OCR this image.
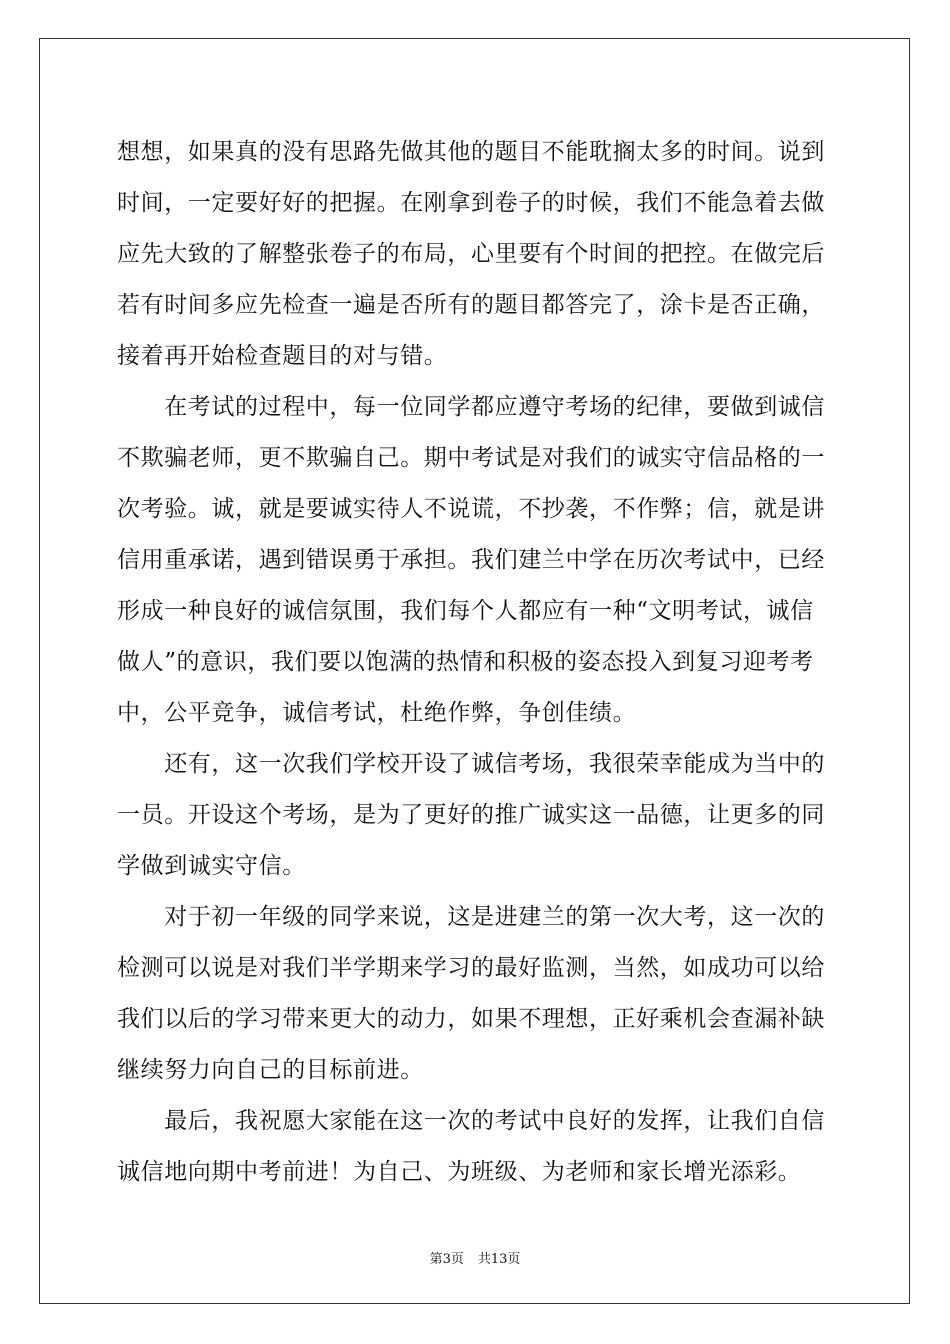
想想，如果真的没有思路先做其他的题目不能耽搁太多的时间。说到
时间，一定要好好的把握。在刚拿到卷子的时候，我们不能急着去做
应先大致的了解整张卷子的布局，心里要有个时间的把控。在做完后
若有时间多应先检查一遍是否所有的题目都答完了，涂卡是否正确，
接着再开始检查题目的对与错。
　　在考试的过程中，每一位同学都应遵守考场的纪律，要做到诚信
不欺骗老师，更不欺骗自己。期中考试是对我们的诚实守信品格的一
次考验。诚，就是要诚实待人不说谎，不抄袭，不作弊；信，就是讲
信用重承诺，遇到错误勇于承担。我们建兰中学在历次考试中，已经
形成一种良好的诚信氛围，我们每个人都应有一种“文明考试，诚信
做人”的意识，我们要以饱满的热情和积极的姿态投入到复习迎考考
中，公平竞争，诚信考试，杜绝作弊，争创佳绩。
　　还有，这一次我们学校开设了诚信考场，我很荣幸能成为当中的
一员。开设这个考场，是为了更好的推广诚实这一品德，让更多的同
学做到诚实守信。
　　对于初一年级的同学来说，这是进建兰的第一次大考，这一次的
检测可以说是对我们半学期来学习的最好监测，当然，如成功可以给
我们以后的学习带来更大的动力，如果不理想，正好乘机会查漏补缺
继续努力向自己的目标前进。
　　最后，我祝愿大家能在这一次的考试中良好的发挥，让我们自信
诚信地向期中考前进！为自己、为班级、为老师和家长增光添彩。
第3页 共13页
